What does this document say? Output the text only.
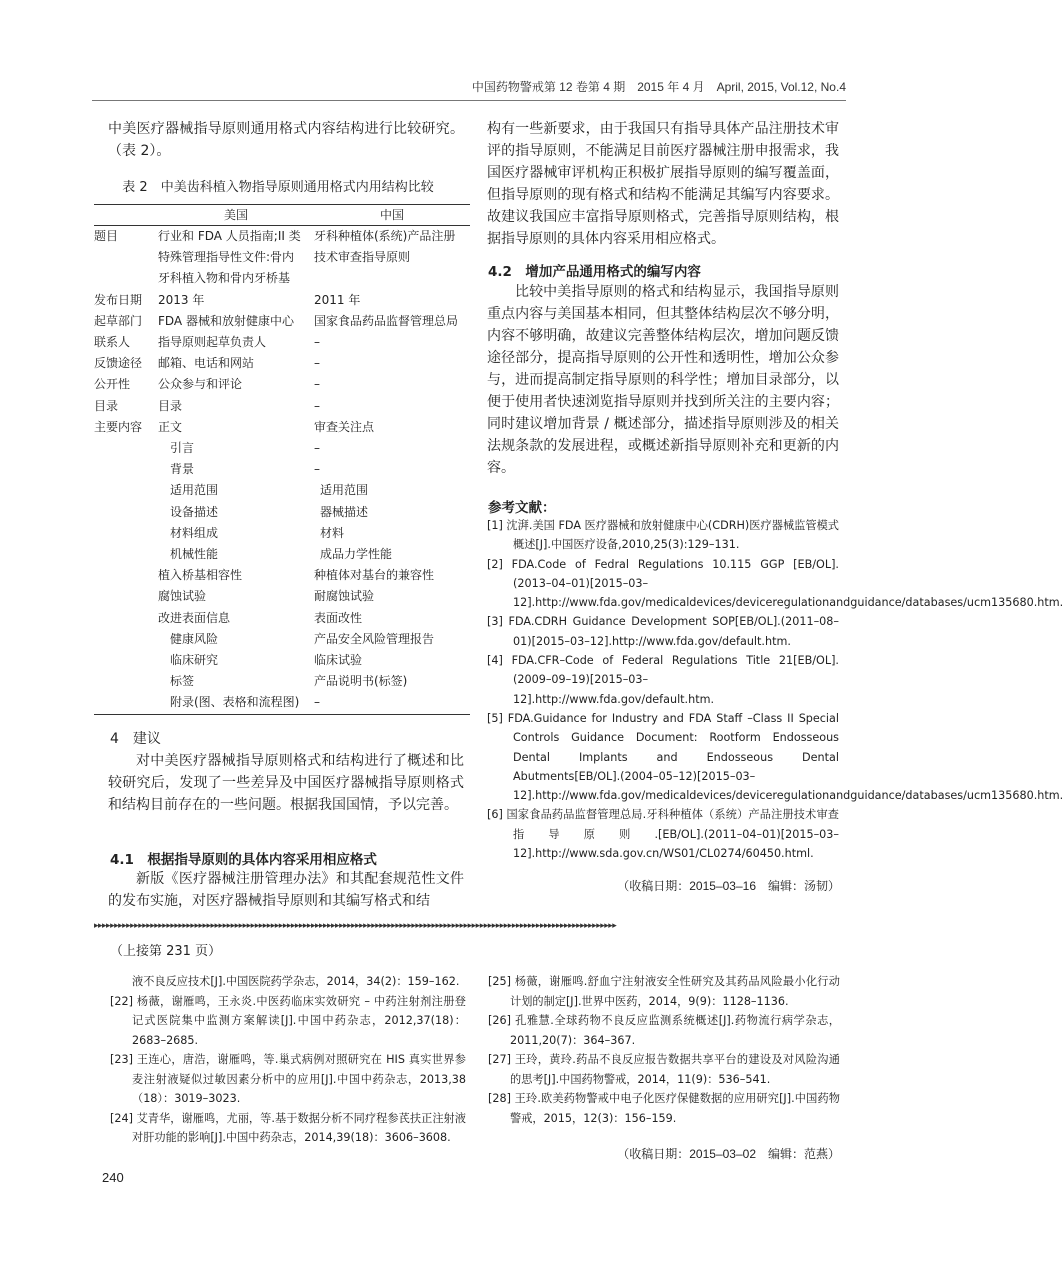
中国药物警戒第 12 卷第 4 期　2015 年 4 月　April, 2015, Vol.12, No.4
中美医疗器械指导原则通用格式内容结构进行比较研究。（表 2）。
表 2　中美齿科植入物指导原则通用格式内用结构比较
	美国	中国
题目	行业和 FDA 人员指南;II 类	牙科种植体(系统)产品注册
	特殊管理指导性文件:骨内	技术审查指导原则
	牙科植入物和骨内牙桥基	
发布日期	2013 年	2011 年
起草部门	FDA 器械和放射健康中心	国家食品药品监督管理总局
联系人	指导原则起草负责人	–
反馈途径	邮箱、电话和网站	–
公开性	公众参与和评论	–
目录	目录	–
主要内容	正文	审查关注点
	引言	–
	背景	–
	适用范围	适用范围
	设备描述	器械描述
	材料组成	材料
	机械性能	成品力学性能
	植入桥基相容性	种植体对基台的兼容性
	腐蚀试验	耐腐蚀试验
	改进表面信息	表面改性
	健康风险	产品安全风险管理报告
	临床研究	临床试验
	标签	产品说明书(标签)
	附录(图、表格和流程图)	–
4　建议
对中美医疗器械指导原则格式和结构进行了概述和比较研究后，发现了一些差异及中国医疗器械指导原则格式和结构目前存在的一些问题。根据我国国情，予以完善。
4.1　根据指导原则的具体内容采用相应格式
新版《医疗器械注册管理办法》和其配套规范性文件的发布实施，对医疗器械指导原则和其编写格式和结
构有一些新要求，由于我国只有指导具体产品注册技术审评的指导原则，不能满足目前医疗器械注册申报需求，我国医疗器械审评机构正积极扩展指导原则的编写覆盖面，但指导原则的现有格式和结构不能满足其编写内容要求。故建议我国应丰富指导原则格式，完善指导原则结构，根据指导原则的具体内容采用相应格式。
4.2　增加产品通用格式的编写内容
比较中美指导原则的格式和结构显示，我国指导原则重点内容与美国基本相同，但其整体结构层次不够分明，内容不够明确，故建议完善整体结构层次，增加问题反馈途径部分，提高指导原则的公开性和透明性，增加公众参与，进而提高制定指导原则的科学性；增加目录部分，以便于使用者快速浏览指导原则并找到所关注的主要内容；同时建议增加背景 / 概述部分，描述指导原则涉及的相关法规条款的发展进程，或概述新指导原则补充和更新的内容。
参考文献：
[1] 沈湃.美国 FDA 医疗器械和放射健康中心(CDRH)医疗器械监管模式概述[J].中国医疗设备,2010,25(3):129–131.
[2] FDA.Code of Fedral Regulations 10.115 GGP [EB/OL].(2013–04–01)[2015–03–12].http://www.fda.gov/medicaldevices/deviceregulationandguidance/databases/ucm135680.htm.
[3] FDA.CDRH Guidance Development SOP[EB/OL].(2011–08–01)[2015–03–12].http://www.fda.gov/default.htm.
[4] FDA.CFR–Code of Federal Regulations Title 21[EB/OL].(2009–09–19)[2015–03–12].http://www.fda.gov/default.htm.
[5] FDA.Guidance for Industry and FDA Staff –Class II Special Controls Guidance Document: Rootform Endosseous Dental Implants and Endosseous Dental Abutments[EB/OL].(2004–05–12)[2015–03–12].http://www.fda.gov/medicaldevices/deviceregulationandguidance/databases/ucm135680.htm.
[6] 国家食品药品监督管理总局.牙科种植体（系统）产品注册技术审查指导原则.[EB/OL].(2011–04–01)[2015–03–12].http://www.sda.gov.cn/WS01/CL0274/60450.html.
（收稿日期：2015–03–16　编辑：汤韧）
▸▸▸▸▸▸▸▸▸▸▸▸▸▸▸▸▸▸▸▸▸▸▸▸▸▸▸▸▸▸▸▸▸▸▸▸▸▸▸▸▸▸▸▸▸▸▸▸▸▸▸▸▸▸▸▸▸▸▸▸▸▸▸▸▸▸▸▸▸▸▸▸▸▸▸▸▸▸▸▸▸▸▸▸▸▸▸▸▸▸▸▸▸▸▸▸▸▸▸▸▸▸▸▸▸▸▸▸▸▸▸▸▸▸▸▸▸▸▸▸▸▸▸▸▸▸▸▸▸▸
（上接第 231 页）
液不良反应技术[J].中国医院药学杂志，2014，34(2)：159–162.
[22] 杨薇，谢雁鸣，王永炎.中医药临床实效研究 – 中药注射剂注册登记式医院集中监测方案解读[J].中国中药杂志，2012,37(18)：2683–2685.
[23] 王连心，唐浩，谢雁鸣，等.巢式病例对照研究在 HIS 真实世界参麦注射液疑似过敏因素分析中的应用[J].中国中药杂志，2013,38（18）：3019–3023.
[24] 艾青华，谢雁鸣，尤丽，等.基于数据分析不同疗程参芪扶正注射液对肝功能的影响[J].中国中药杂志，2014,39(18)：3606–3608.
[25] 杨薇，谢雁鸣.舒血宁注射液安全性研究及其药品风险最小化行动计划的制定[J].世界中医药，2014，9(9)：1128–1136.
[26] 孔雅慧.全球药物不良反应监测系统概述[J].药物流行病学杂志，2011,20(7)：364–367.
[27] 王玲，黄玲.药品不良反应报告数据共享平台的建设及对风险沟通的思考[J].中国药物警戒，2014，11(9)：536–541.
[28] 王玲.欧美药物警戒中电子化医疗保健数据的应用研究[J].中国药物警戒，2015，12(3)：156–159.
（收稿日期：2015–03–02　编辑：范燕）
240
